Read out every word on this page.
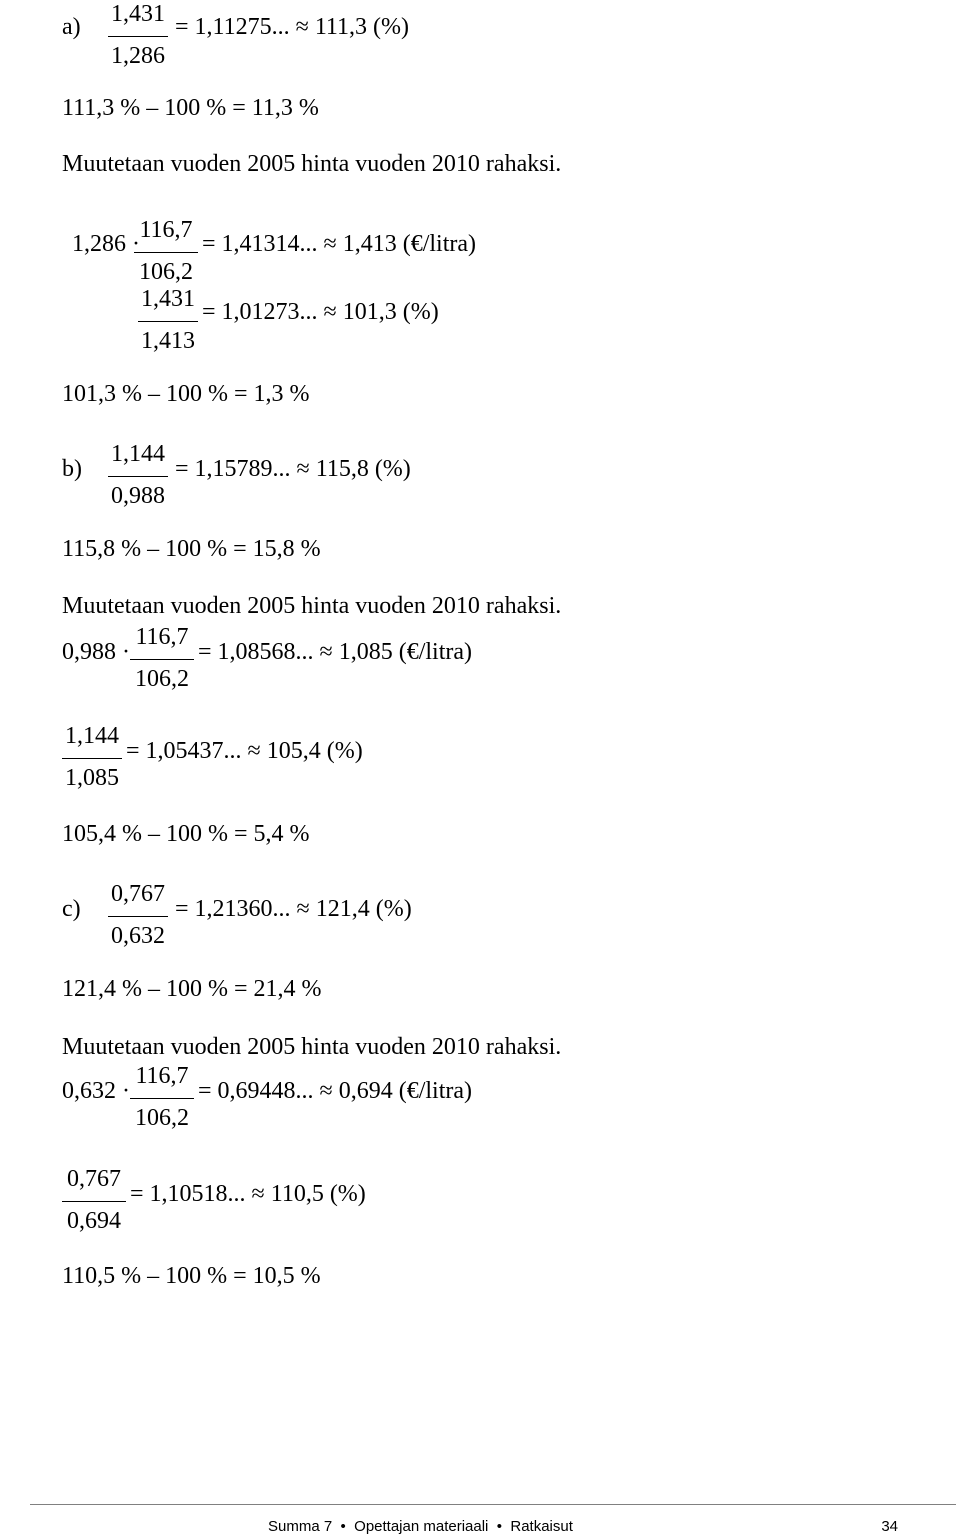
a) 1,431
1,286
= 1,11275... ≈ 111,3 (%)
111,3 % – 100 % = 11,3 %
Muutetaan vuoden 2005 hinta vuoden 2010 rahaksi.
1,286 ·
116,7
106,2
= 1,41314... ≈ 1,413 (€/litra)
1,431
1,413
= 1,01273... ≈ 101,3 (%)
101,3 % – 100 % = 1,3 %
b)
1,144
0,988
= 1,15789... ≈ 115,8 (%)
115,8 % – 100 % = 15,8 %
Muutetaan vuoden 2005 hinta vuoden 2010 rahaksi.
0,988 ·
116,7
106,2
= 1,08568... ≈ 1,085 (€/litra)
1,144
1,085
= 1,05437... ≈ 105,4 (%)
105,4 % – 100 % = 5,4 %
c)
0,767
0,632
= 1,21360... ≈ 121,4 (%)
121,4 % – 100 % = 21,4 %
Muutetaan vuoden 2005 hinta vuoden 2010 rahaksi.
0,632 ·
116,7
106,2
= 0,69448... ≈ 0,694 (€/litra)
0,767
0,694
= 1,10518... ≈ 110,5 (%)
110,5 % – 100 % = 10,5 %
Summa 7 • Opettajan materiaali • Ratkaisut	34
